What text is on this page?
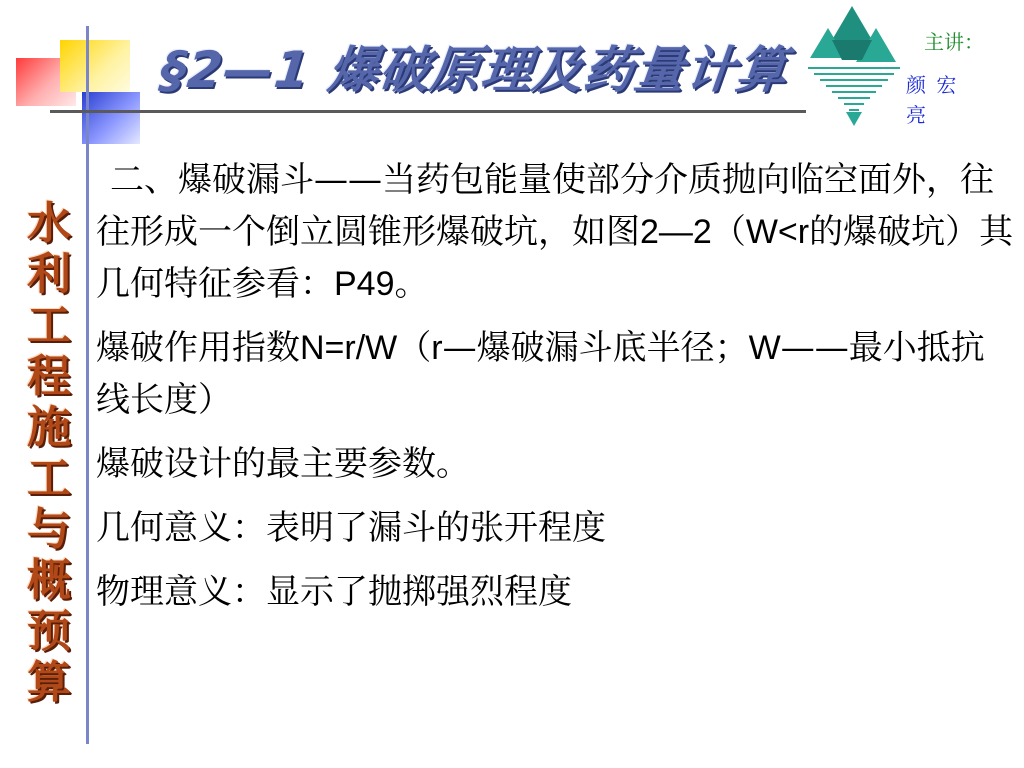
§2—1 爆破原理及药量计算	主讲：
颜 宏 亮
水
利
工
程
施
工
与
概
预
算

二、爆破漏斗——当药包能量使部分介质抛向临空面外，往往形成一个倒立圆锥形爆破坑，如图2—2（W<r的爆破坑）其几何特征参看：P49。

爆破作用指数N=r/W（r—爆破漏斗底半径；W——最小抵抗线长度）

爆破设计的最主要参数。

几何意义：表明了漏斗的张开程度

物理意义：显示了抛掷强烈程度
